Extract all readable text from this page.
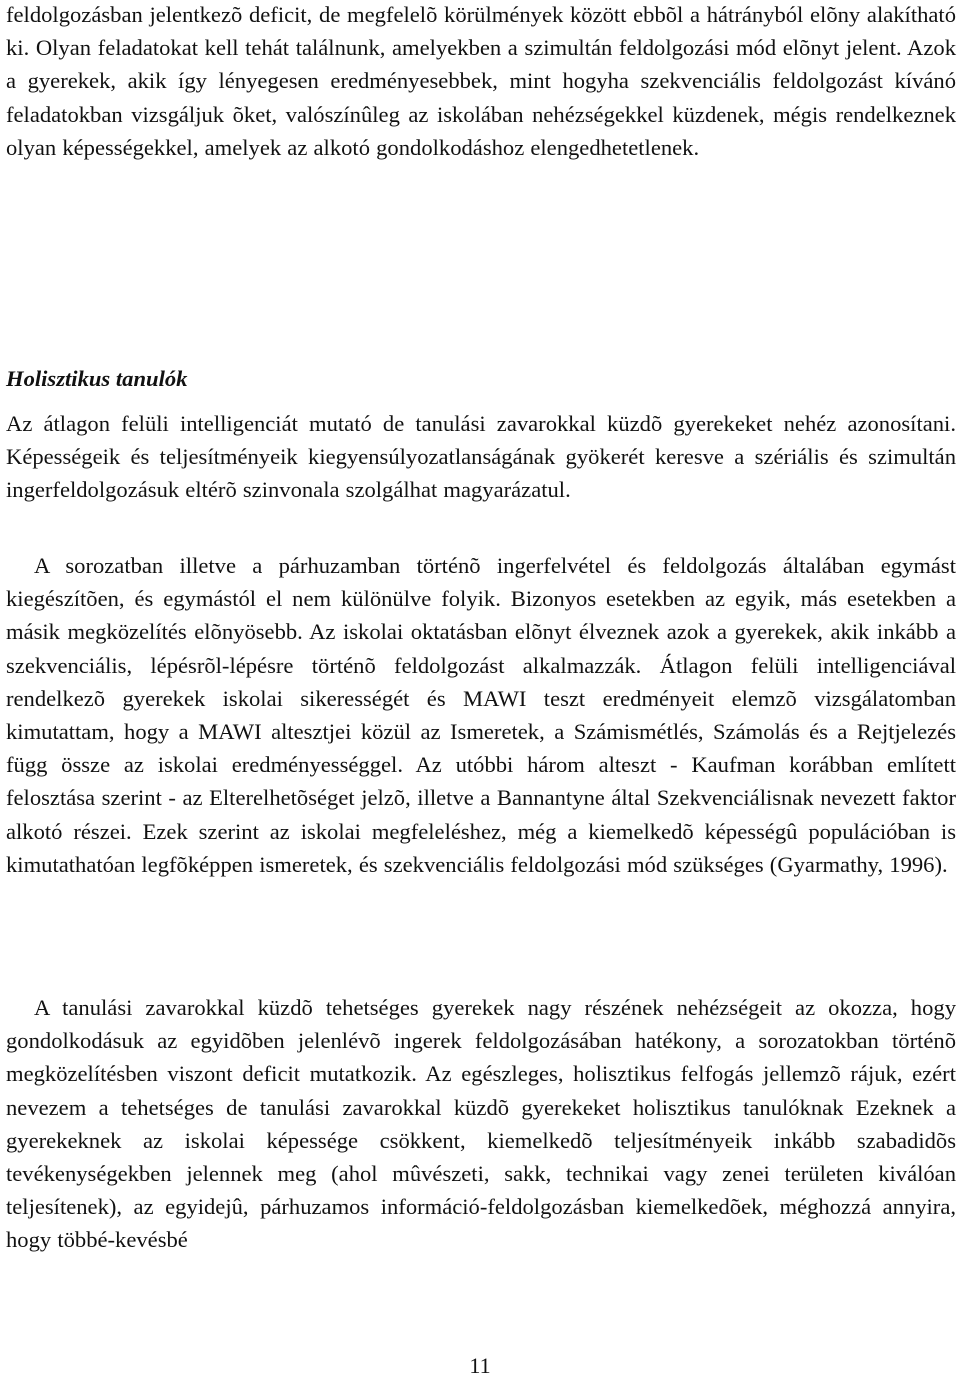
feldolgozásban jelentkezõ deficit, de megfelelõ körülmények között ebbõl a hátrányból elõny alakítható ki. Olyan feladatokat kell tehát találnunk, amelyekben a szimultán feldolgozási mód elõnyt jelent. Azok a gyerekek, akik így lényegesen eredményesebbek, mint hogyha szekvenciális feldolgozást kívánó feladatokban vizsgáljuk õket, valószínûleg az iskolában nehézségekkel küzdenek, mégis rendelkeznek olyan képességekkel, amelyek az alkotó gondolkodáshoz elengedhetetlenek.

Holisztikus tanulók

Az átlagon felüli intelligenciát mutató de tanulási zavarokkal küzdõ gyerekeket nehéz azonosítani. Képességeik és teljesítményeik kiegyensúlyozatlanságának gyökerét keresve a szériális és szimultán ingerfeldolgozásuk eltérõ szinvonala szolgálhat magyarázatul.

A sorozatban illetve a párhuzamban történõ ingerfelvétel és feldolgozás általában egymást kiegészítõen, és egymástól el nem különülve folyik. Bizonyos esetekben az egyik, más esetekben a másik megközelítés elõnyösebb. Az iskolai oktatásban elõnyt élveznek azok a gyerekek, akik inkább a szekvenciális, lépésrõl-lépésre történõ feldolgozást alkalmazzák. Átlagon felüli intelligenciával rendelkezõ gyerekek iskolai sikerességét és MAWI teszt eredményeit elemzõ vizsgálatomban kimutattam, hogy a MAWI altesztjei közül az Ismeretek, a Számismétlés, Számolás és a Rejtjelezés függ össze az iskolai eredményességgel. Az utóbbi három alteszt - Kaufman korábban említett felosztása szerint - az Elterelhetõséget jelzõ, illetve a Bannantyne által Szekvenciálisnak nevezett faktor alkotó részei. Ezek szerint az iskolai megfeleléshez, még a kiemelkedõ képességû populációban is kimutathatóan legfõképpen ismeretek, és szekvenciális feldolgozási mód szükséges (Gyarmathy, 1996).

A tanulási zavarokkal küzdõ tehetséges gyerekek nagy részének nehézségeit az okozza, hogy gondolkodásuk az egyidõben jelenlévõ ingerek feldolgozásában hatékony, a sorozatokban történõ megközelítésben viszont deficit mutatkozik. Az egészleges, holisztikus felfogás jellemzõ rájuk, ezért nevezem a tehetséges de tanulási zavarokkal küzdõ gyerekeket holisztikus tanulóknak Ezeknek a gyerekeknek az iskolai képessége csökkent, kiemelkedõ teljesítményeik inkább szabadidõs tevékenységekben jelennek meg (ahol mûvészeti, sakk, technikai vagy zenei területen kiválóan teljesítenek), az egyidejû, párhuzamos információ-feldolgozásban kiemelkedõek, méghozzá annyira, hogy többé-kevésbé

11
